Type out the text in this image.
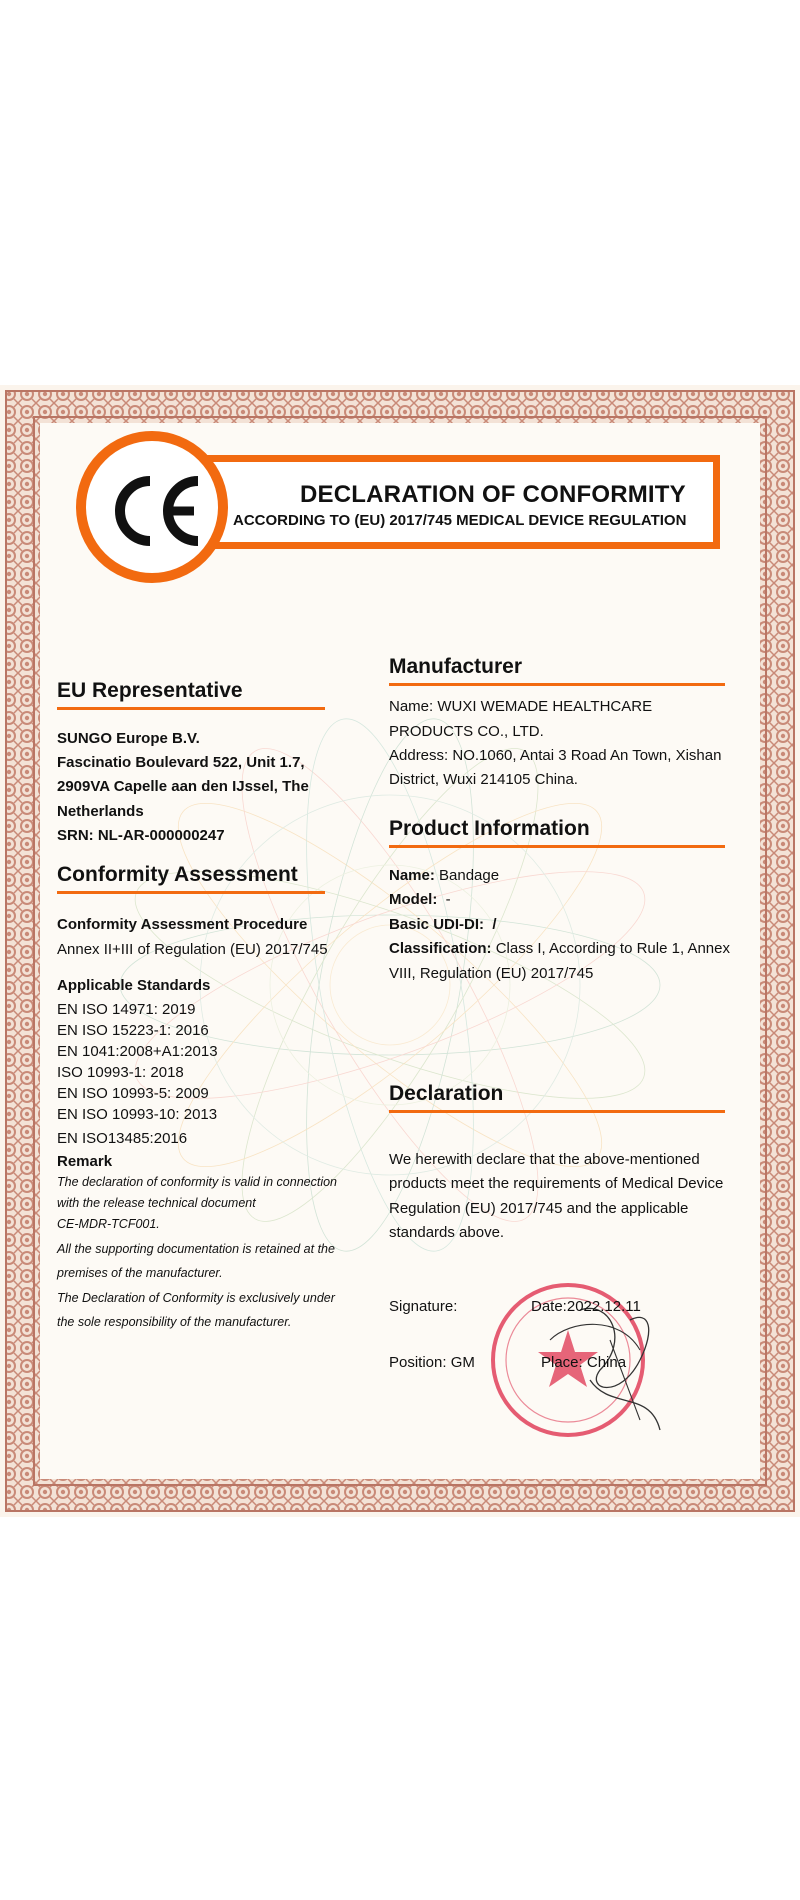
DECLARATION OF CONFORMITY
ACCORDING TO (EU) 2017/745 MEDICAL DEVICE REGULATION
EU Representative
SUNGO Europe B.V.
Fascinatio Boulevard 522, Unit 1.7,
2909VA Capelle aan den IJssel, The
Netherlands
SRN: NL-AR-000000247
Conformity Assessment
Conformity Assessment Procedure
Annex II+III of Regulation (EU) 2017/745
Applicable Standards
EN ISO 14971: 2019
EN ISO 15223-1: 2016
EN 1041:2008+A1:2013
ISO 10993-1: 2018
EN ISO 10993-5: 2009
EN ISO 10993-10: 2013
EN ISO13485:2016
Remark
The declaration of conformity is valid in connection
with the release technical document
CE-MDR-TCF001.
All the supporting documentation is retained at the
premises of the manufacturer.
The Declaration of Conformity is exclusively under
the sole responsibility of the manufacturer.
Manufacturer
Name: WUXI WEMADE HEALTHCARE
PRODUCTS CO., LTD.
Address: NO.1060, Antai 3 Road An Town, Xishan
District, Wuxi 214105 China.
Product Information
Name: Bandage
Model:  -
Basic UDI-DI:  /
Classification: Class I, According to Rule 1, Annex
VIII, Regulation (EU) 2017/745
Declaration
We herewith declare that the above-mentioned
products meet the requirements of Medical Device
Regulation (EU) 2017/745 and the applicable
standards above.
Signature:	Date:2022.12.11
Position: GM	Place: China
